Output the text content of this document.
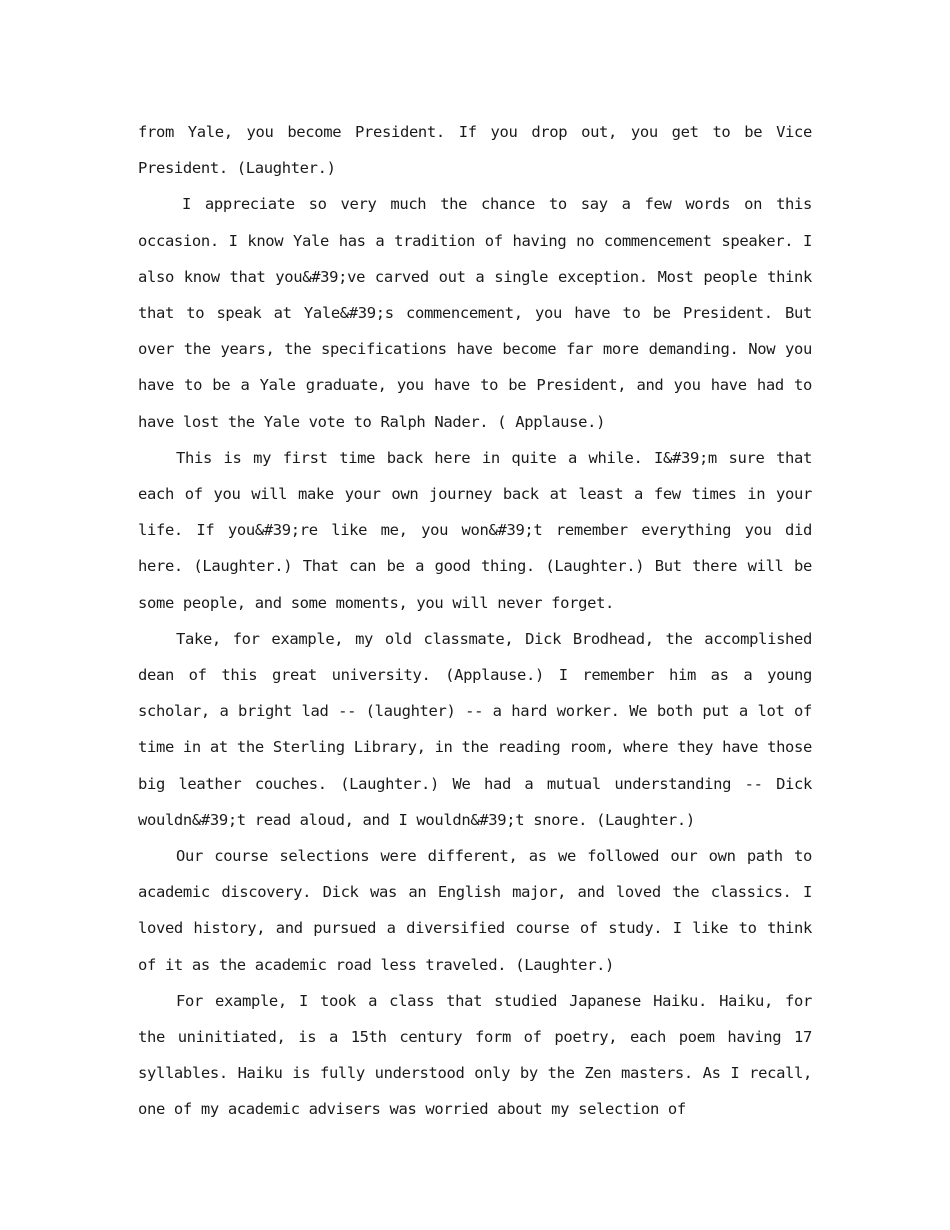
from Yale, you become President. If you drop out, you get to be Vice President. (Laughter.)

I appreciate so very much the chance to say a few words on this occasion. I know Yale has a tradition of having no commencement speaker. I also know that you&#39;ve carved out a single exception. Most people think that to speak at Yale&#39;s commencement, you have to be President. But over the years, the specifications have become far more demanding. Now you have to be a Yale graduate, you have to be President, and you have had to have lost the Yale vote to Ralph Nader. ( Applause.)

This is my first time back here in quite a while. I&#39;m sure that each of you will make your own journey back at least a few times in your life. If you&#39;re like me, you won&#39;t remember everything you did here. (Laughter.) That can be a good thing. (Laughter.) But there will be some people, and some moments, you will never forget.

Take, for example, my old classmate, Dick Brodhead, the accomplished dean of this great university. (Applause.) I remember him as a young scholar, a bright lad -- (laughter) -- a hard worker. We both put a lot of time in at the Sterling Library, in the reading room, where they have those big leather couches. (Laughter.) We had a mutual understanding -- Dick wouldn&#39;t read aloud, and I wouldn&#39;t snore. (Laughter.)

Our course selections were different, as we followed our own path to academic discovery. Dick was an English major, and loved the classics. I loved history, and pursued a diversified course of study. I like to think of it as the academic road less traveled. (Laughter.)

For example, I took a class that studied Japanese Haiku. Haiku, for the uninitiated, is a 15th century form of poetry, each poem having 17 syllables. Haiku is fully understood only by the Zen masters. As I recall, one of my academic advisers was worried about my selection of
